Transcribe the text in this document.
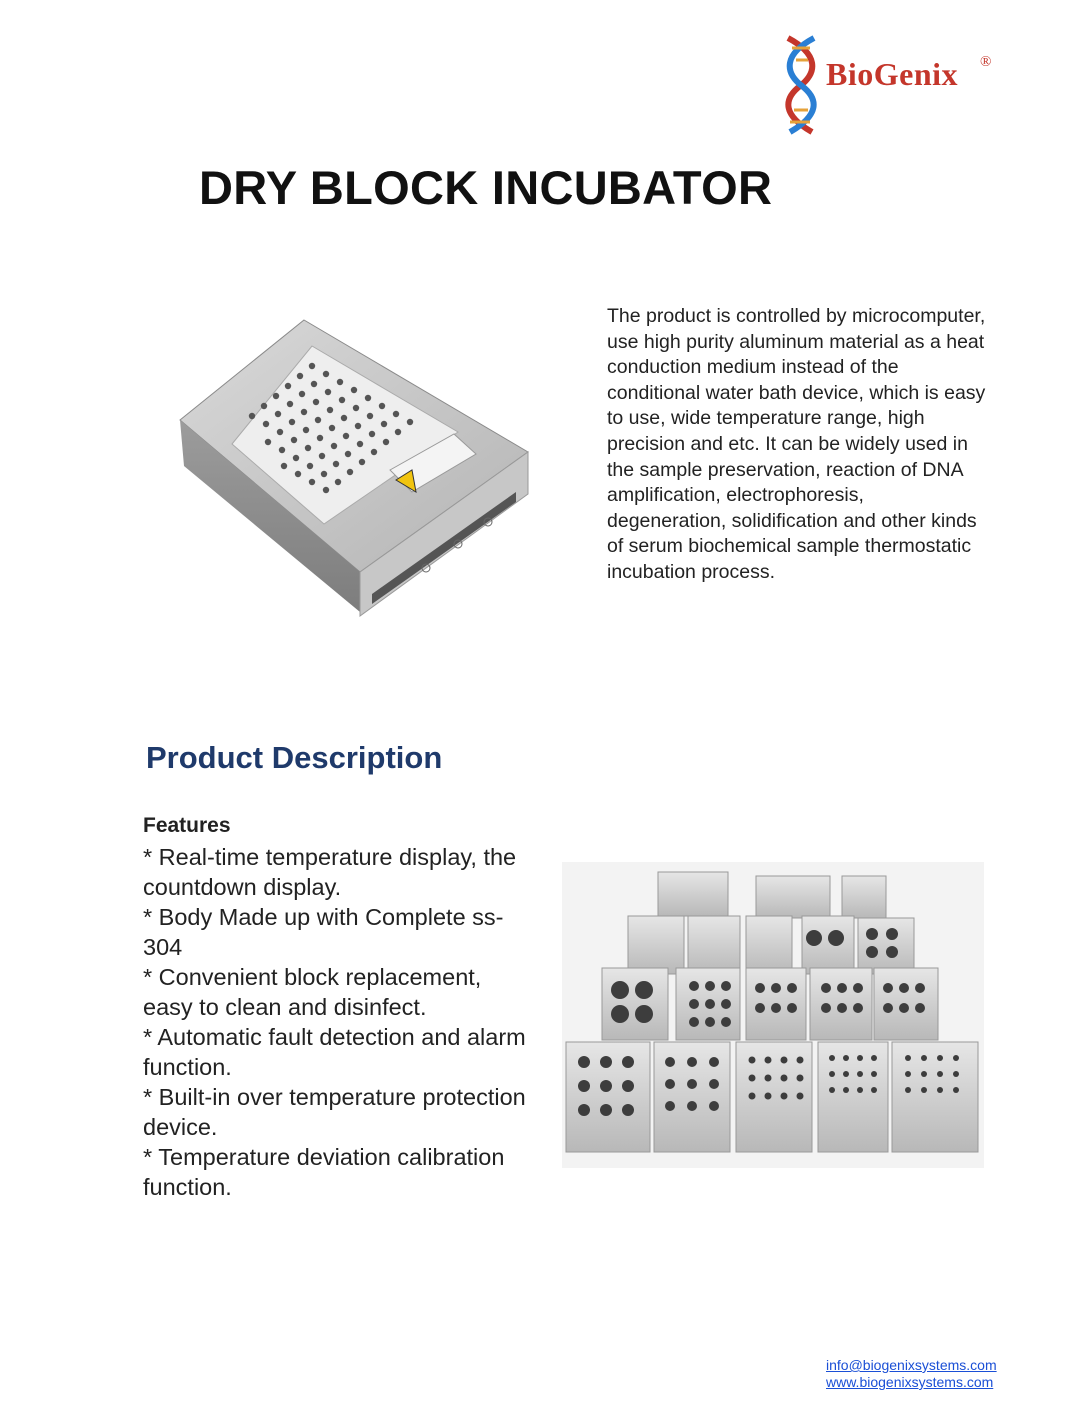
BioGenix ®
DRY BLOCK INCUBATOR
The product is controlled by microcomputer, use high purity aluminum material as a heat conduction medium instead of the conditional water bath device, which is easy to use, wide temperature range, high precision and etc. It can be widely used in the sample preservation, reaction of DNA amplification, electrophoresis, degeneration, solidification and other kinds of serum biochemical sample thermostatic incubation process.
Product Description
Features
* Real-time temperature display, the countdown display.
* Body Made up with Complete ss-304
* Convenient block replacement, easy to clean and disinfect.
* Automatic fault detection and alarm function.
* Built-in over temperature protection device.
* Temperature deviation calibration function.
info@biogenixsystems.com
www.biogenixsystems.com
